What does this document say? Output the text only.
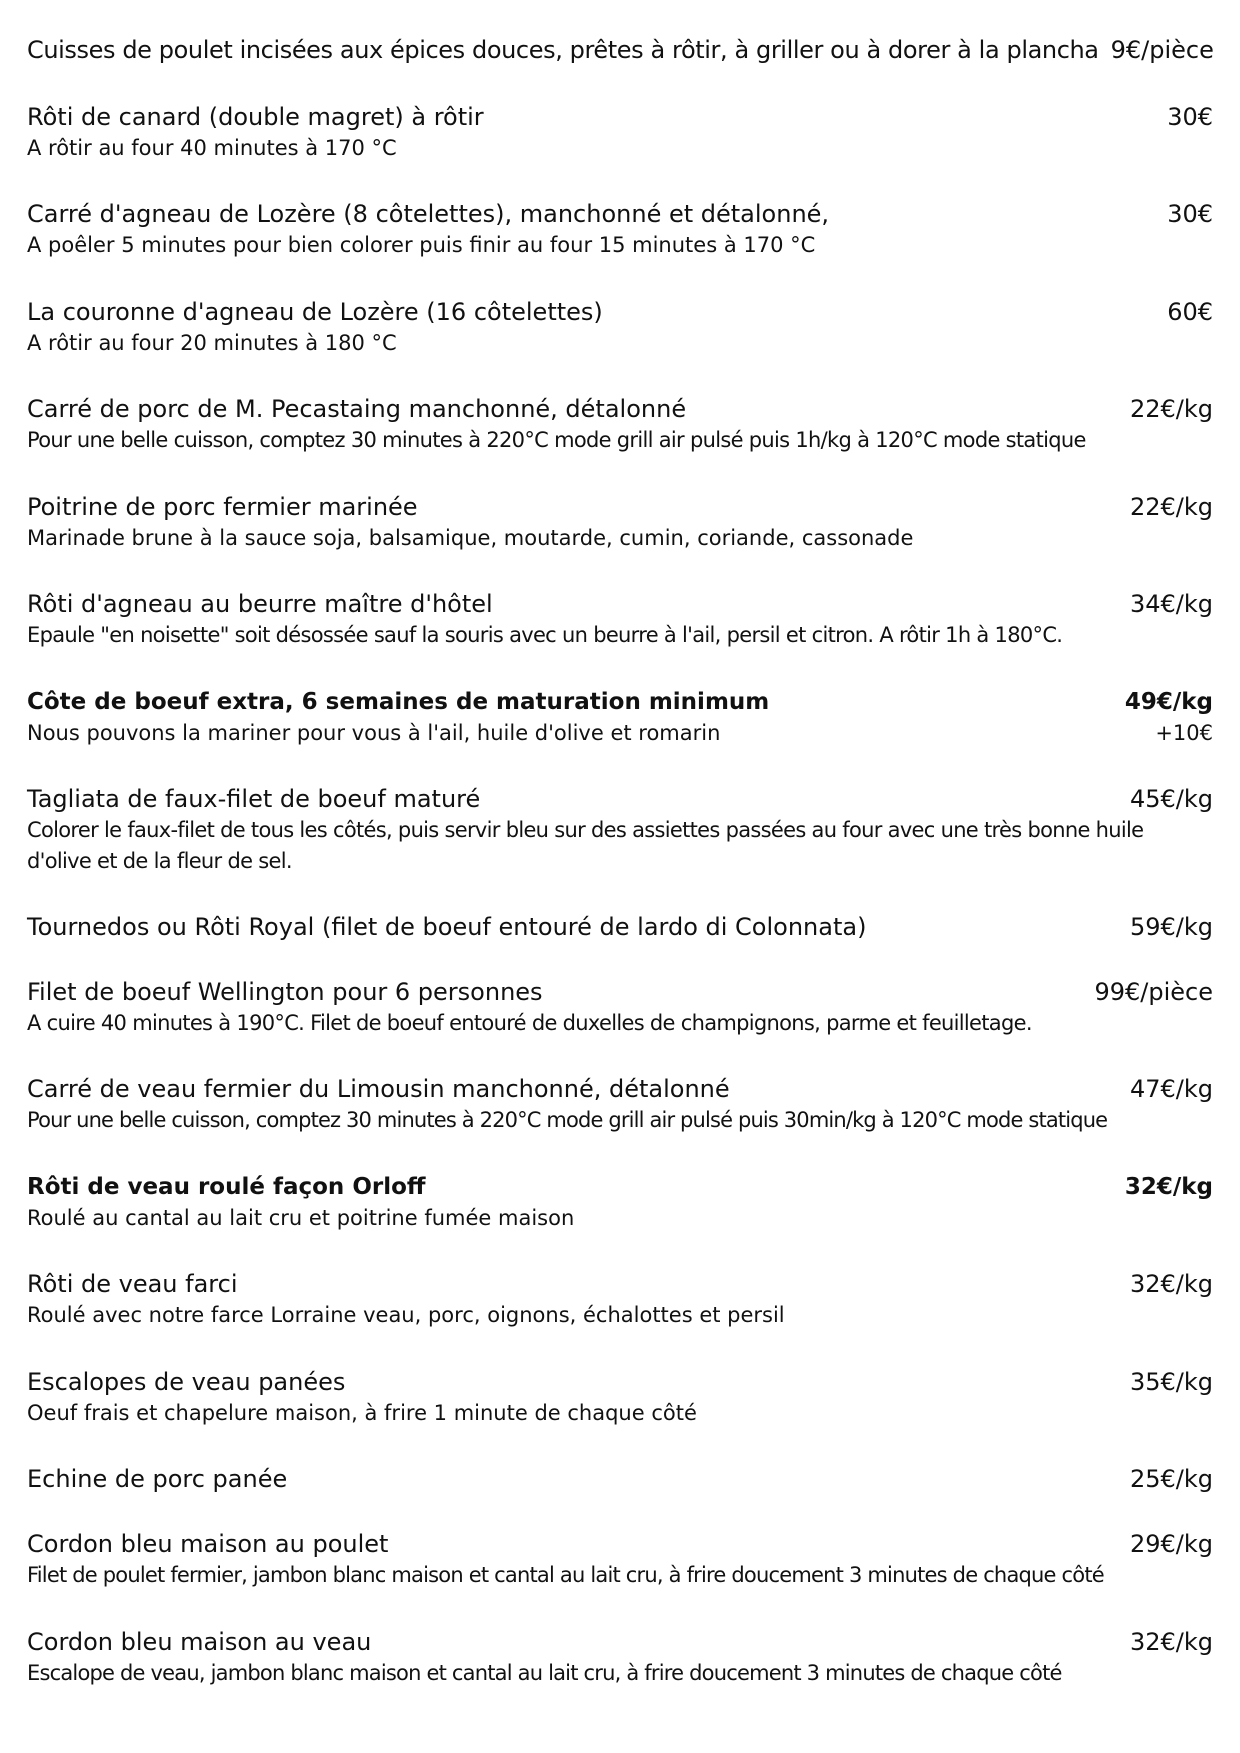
Cuisses de poulet incisées aux épices douces, prêtes à rôtir, à griller ou à dorer à la plancha 9€/pièce
Rôti de canard (double magret) à rôtir	30€
A rôtir au four 40 minutes à 170 °C
Carré d'agneau de Lozère (8 côtelettes), manchonné et détalonné,	30€
A poêler 5 minutes pour bien colorer puis finir au four 15 minutes à 170 °C
La couronne d'agneau de Lozère (16 côtelettes)	60€
A rôtir au four 20 minutes à 180 °C
Carré de porc de M. Pecastaing manchonné, détalonné	22€/kg
Pour une belle cuisson, comptez 30 minutes à 220°C mode grill air pulsé puis 1h/kg à 120°C mode statique
Poitrine de porc fermier marinée	22€/kg
Marinade brune à la sauce soja, balsamique, moutarde, cumin, coriande, cassonade
Rôti d'agneau au beurre maître d'hôtel	34€/kg
Epaule "en noisette" soit désossée sauf la souris avec un beurre à l'ail, persil et citron. A rôtir 1h à 180°C.
Côte de boeuf extra, 6 semaines de maturation minimum	49€/kg
Nous pouvons la mariner pour vous à l'ail, huile d'olive et romarin	+10€
Tagliata de faux-filet de boeuf maturé	45€/kg
Colorer le faux-filet de tous les côtés, puis servir bleu sur des assiettes passées au four avec une très bonne huile d'olive et de la fleur de sel.
Tournedos ou Rôti Royal (filet de boeuf entouré de lardo di Colonnata)	59€/kg
Filet de boeuf Wellington pour 6 personnes	99€/pièce
A cuire 40 minutes à 190°C. Filet de boeuf entouré de duxelles de champignons, parme et feuilletage.
Carré de veau fermier du Limousin manchonné, détalonné	47€/kg
Pour une belle cuisson, comptez 30 minutes à 220°C mode grill air pulsé puis 30min/kg à 120°C mode statique
Rôti de veau roulé façon Orloff	32€/kg
Roulé au cantal au lait cru et poitrine fumée maison
Rôti de veau farci	32€/kg
Roulé avec notre farce Lorraine veau, porc, oignons, échalottes et persil
Escalopes de veau panées	35€/kg
Oeuf frais et chapelure maison, à frire 1 minute de chaque côté
Echine de porc panée	25€/kg
Cordon bleu maison au poulet	29€/kg
Filet de poulet fermier, jambon blanc maison et cantal au lait cru, à frire doucement 3 minutes de chaque côté
Cordon bleu maison au veau	32€/kg
Escalope de veau, jambon blanc maison et cantal au lait cru, à frire doucement 3 minutes de chaque côté
